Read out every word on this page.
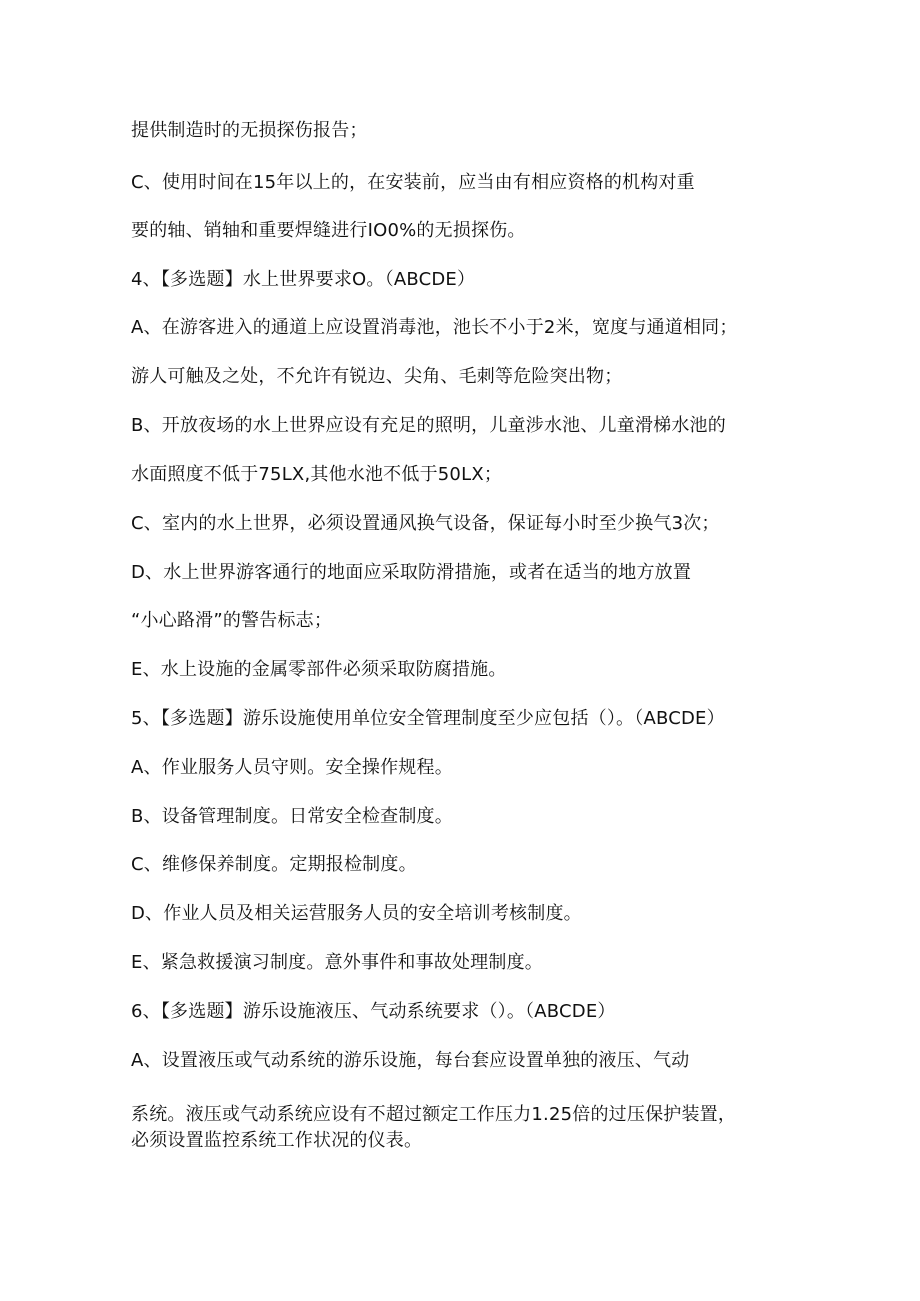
提供制造时的无损探伤报告；
C、使用时间在15年以上的，在安装前，应当由有相应资格的机构对重
要的轴、销轴和重要焊缝进行IO0%的无损探伤。
4、【多选题】水上世界要求O。（ABCDE）
A、在游客进入的通道上应设置消毒池，池长不小于2米，宽度与通道相同；
游人可触及之处，不允许有锐边、尖角、毛刺等危险突出物；
B、开放夜场的水上世界应设有充足的照明，儿童涉水池、儿童滑梯水池的
水面照度不低于75LX,其他水池不低于50LX；
C、室内的水上世界，必须设置通风换气设备，保证每小时至少换气3次；
D、水上世界游客通行的地面应采取防滑措施，或者在适当的地方放置
“小心路滑”的警告标志；
E、水上设施的金属零部件必须采取防腐措施。
5、【多选题】游乐设施使用单位安全管理制度至少应包括（）。（ABCDE）
A、作业服务人员守则。安全操作规程。
B、设备管理制度。日常安全检查制度。
C、维修保养制度。定期报检制度。
D、作业人员及相关运营服务人员的安全培训考核制度。
E、紧急救援演习制度。意外事件和事故处理制度。
6、【多选题】游乐设施液压、气动系统要求（）。（ABCDE）
A、设置液压或气动系统的游乐设施，每台套应设置单独的液压、气动
系统。液压或气动系统应设有不超过额定工作压力1.25倍的过压保护装置，
必须设置监控系统工作状况的仪表。
